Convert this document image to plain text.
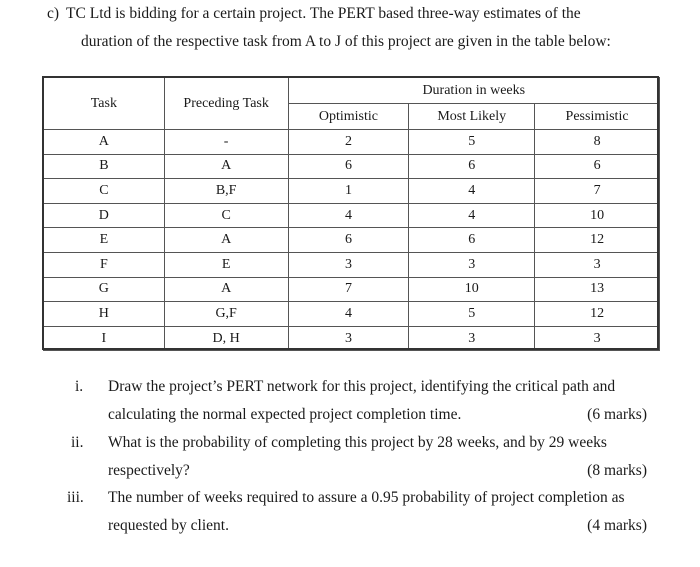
c) TC Ltd is bidding for a certain project. The PERT based three-way estimates of the
duration of the respective task from A to J of this project are given in the table below:
Task	Preceding Task	Duration in weeks		
		Optimistic	Most Likely	Pessimistic
A	-	2	5	8
B	A	6	6	6
C	B,F	1	4	7
D	C	4	4	10
E	A	6	6	12
F	E	3	3	3
G	A	7	10	13
H	G,F	4	5	12
I	D, H	3	3	3
i. Draw the project’s PERT network for this project, identifying the critical path and
calculating the normal expected project completion time.	(6 marks)
ii. What is the probability of completing this project by 28 weeks, and by 29 weeks
respectively?	(8 marks)
iii. The number of weeks required to assure a 0.95 probability of project completion as
requested by client.	(4 marks)
